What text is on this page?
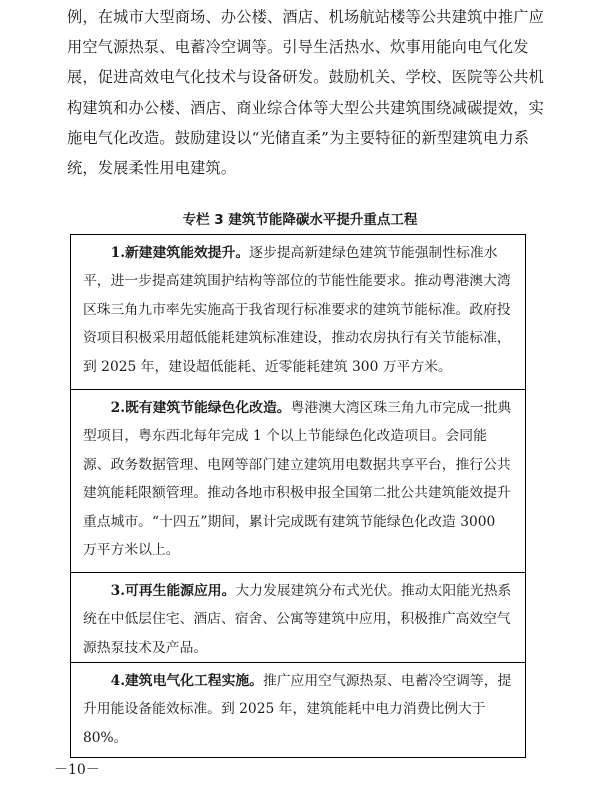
例，在城市大型商场、办公楼、酒店、机场航站楼等公共建筑中推广应用空气源热泵、电蓄冷空调等。引导生活热水、炊事用能向电气化发展，促进高效电气化技术与设备研发。鼓励机关、学校、医院等公共机构建筑和办公楼、酒店、商业综合体等大型公共建筑围绕减碳提效，实施电气化改造。鼓励建设以“光储直柔”为主要特征的新型建筑电力系统，发展柔性用电建筑。

专栏 3 建筑节能降碳水平提升重点工程

1.新建建筑能效提升。逐步提高新建绿色建筑节能强制性标准水平，进一步提高建筑围护结构等部位的节能性能要求。推动粤港澳大湾区珠三角九市率先实施高于我省现行标准要求的建筑节能标准。政府投资项目积极采用超低能耗建筑标准建设，推动农房执行有关节能标准，到 2025 年，建设超低能耗、近零能耗建筑 300 万平方米。
2.既有建筑节能绿色化改造。粤港澳大湾区珠三角九市完成一批典型项目，粤东西北每年完成 1 个以上节能绿色化改造项目。会同能源、政务数据管理、电网等部门建立建筑用电数据共享平台，推行公共建筑能耗限额管理。推动各地市积极申报全国第二批公共建筑能效提升重点城市。“十四五”期间，累计完成既有建筑节能绿色化改造 3000 万平方米以上。
3.可再生能源应用。大力发展建筑分布式光伏。推动太阳能光热系统在中低层住宅、酒店、宿舍、公寓等建筑中应用，积极推广高效空气源热泵技术及产品。
4.建筑电气化工程实施。推广应用空气源热泵、电蓄冷空调等，提升用能设备能效标准。到 2025 年，建筑能耗中电力消费比例大于 80%。
－10－
